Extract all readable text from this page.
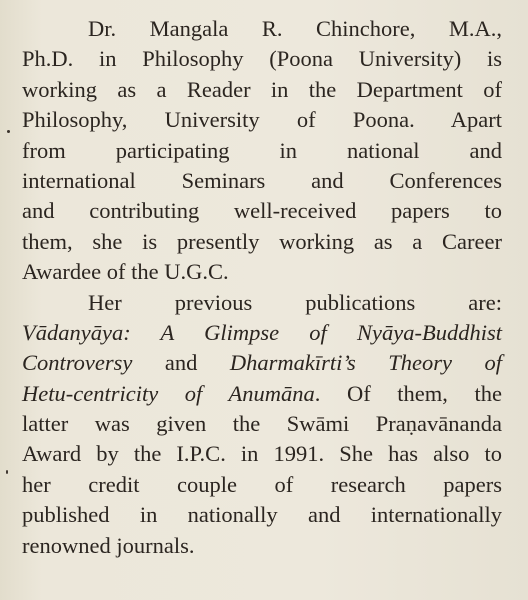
Dr. Mangala R. Chinchore, M.A.,
Ph.D. in Philosophy (Poona University) is
working as a Reader in the Department of
Philosophy, University of Poona. Apart
from participating in national and
international Seminars and Conferences
and contributing well-received papers to
them, she is presently working as a Career
Awardee of the U.G.C.
Her previous publications are:
Vādanyāya: A Glimpse of Nyāya-Buddhist
Controversy and Dharmakīrti’s Theory of
Hetu-centricity of Anumāna. Of them, the
latter was given the Swāmi Praṇavānanda
Award by the I.P.C. in 1991. She has also to
her credit couple of research papers
published in nationally and internationally
renowned journals.
